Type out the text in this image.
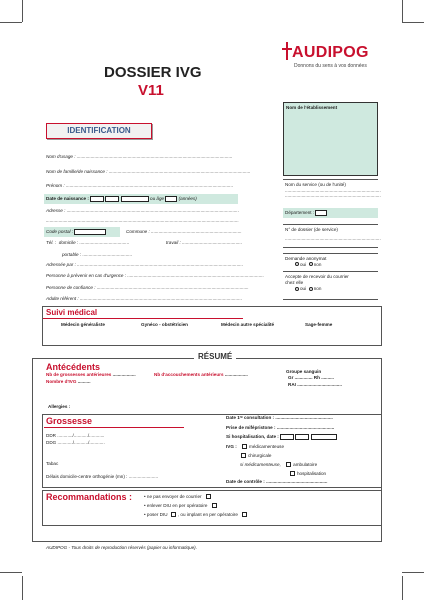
DOSSIER IVG
V11
AUDIPOG
Donnons du sens à vos données
Nom de l'établissement
IDENTIFICATION
Nom d'usage : ..........................................................................................................................
Nom de famille/de naissance : ...............................................................................................................
Prénom : ...................................................................................................................................
Date de naissance :	ou âge	(années)
Adresse : .......................................................................................................................................
.......................................................................................................................................................
Code postal :	Commune : .......................................................................
Tél. : domicile : .......................................	travail : ...............................................
portable : .......................................
Adressée par : ..................................................................................................................................
Personne à prévenir en cas d'urgence : ...........................................................................................................
Personne de confiance : .......................................................................................................................
Adulte référent : ...............................................................................................................................
Nom du service (ou de l'unité)
...........................................................................
...........................................................................
Département :
N° de dossier (de service)
...........................................................................
Demande anonymat
oui non
Accepte de recevoir du courrier
chez elle
oui non
Suivi médical
Médecin généraliste	Gynéco - obstétricien	Médecin autre spécialité	Sage-femme
RÉSUMÉ
Antécédents
Nb de grossesses antérieures ..................	Nb d'accouchements antérieurs ..................
Nombre d'IVG ..........
Groupe sanguin
Gr .............. Rh ..........
RAI ...................................
Allergies :
Grossesse
DDR ............/.........../............
DDG ............/.........../............
Tabac
Délais domicile-centre orthogénie (mn) : .......................
Date 1ʳᵉ consultation : .............................................
Prise de mifépristone : .............................................
Si hospitalisation, date :
IVG :	médicamenteuse
chirurgicale
si médicamenteuse,	ambulatoire
hospitalisation
Date de contrôle : ................................................
Recommandations :	• ne pas envoyer de courrier
• enlever DIU en per opératoire
• poser DIU , ou implant en per opératoire
AUDIPOG - Tous droits de reproduction réservés (papier ou informatique).
